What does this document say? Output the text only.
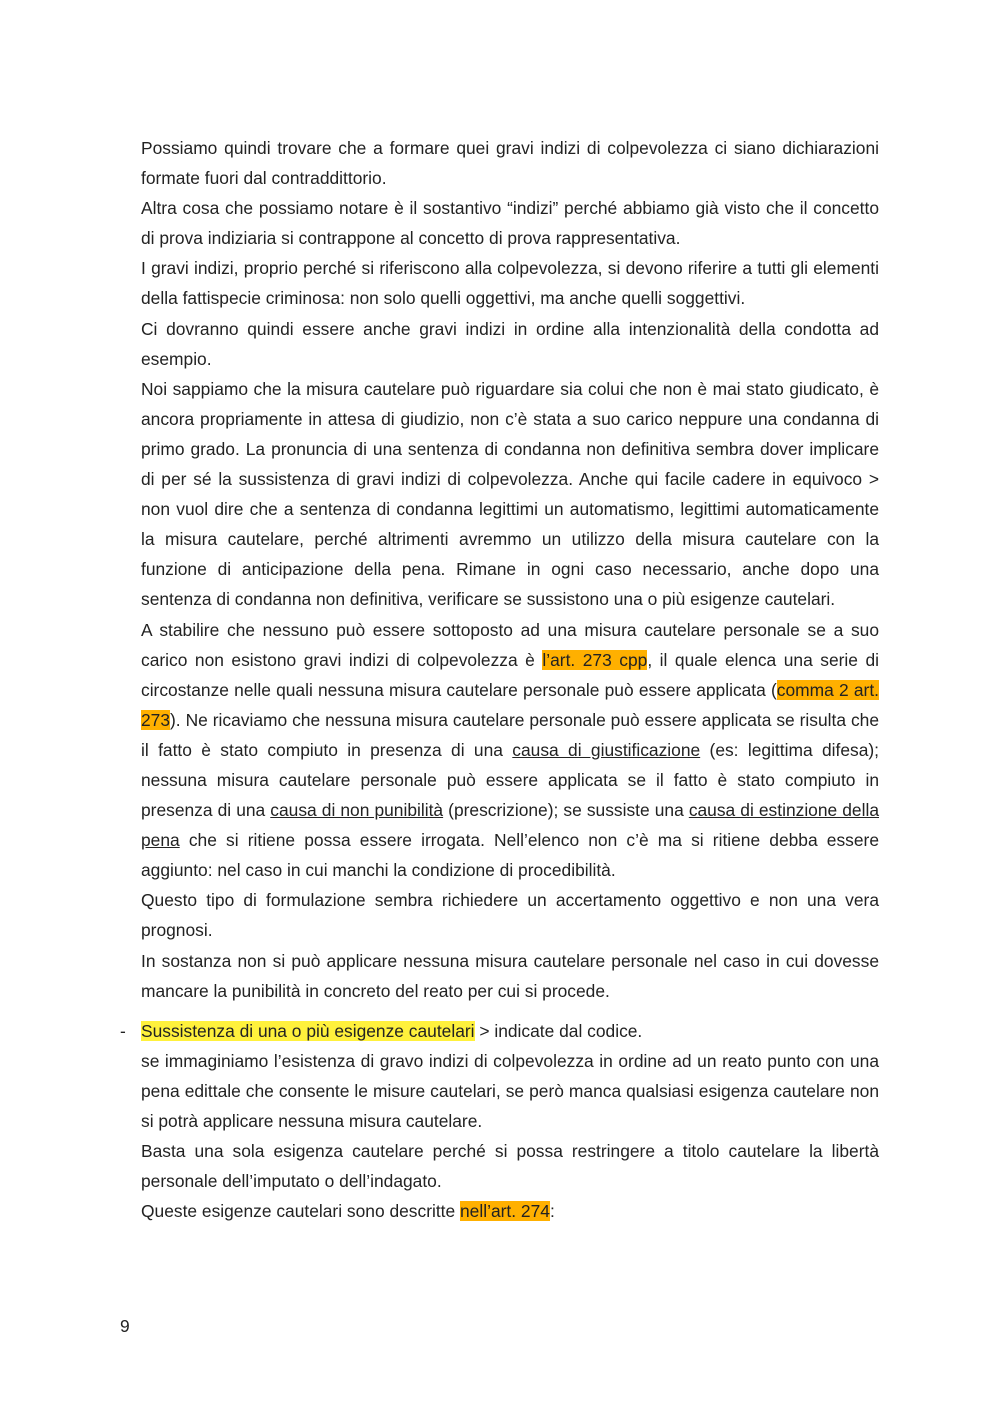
Possiamo quindi trovare che a formare quei gravi indizi di colpevolezza ci siano dichiarazioni formate fuori dal contraddittorio.

Altra cosa che possiamo notare è il sostantivo “indizi” perché abbiamo già visto che il concetto di prova indiziaria si contrappone al concetto di prova rappresentativa.

I gravi indizi, proprio perché si riferiscono alla colpevolezza, si devono riferire a tutti gli elementi della fattispecie criminosa: non solo quelli oggettivi, ma anche quelli soggettivi.

Ci dovranno quindi essere anche gravi indizi in ordine alla intenzionalità della condotta ad esempio.

Noi sappiamo che la misura cautelare può riguardare sia colui che non è mai stato giudicato, è ancora propriamente in attesa di giudizio, non c’è stata a suo carico neppure una condanna di primo grado. La pronuncia di una sentenza di condanna non definitiva sembra dover implicare di per sé la sussistenza di gravi indizi di colpevolezza. Anche qui facile cadere in equivoco > non vuol dire che a sentenza di condanna legittimi un automatismo, legittimi automaticamente la misura cautelare, perché altrimenti avremmo un utilizzo della misura cautelare con la funzione di anticipazione della pena. Rimane in ogni caso necessario, anche dopo una sentenza di condanna non definitiva, verificare se sussistono una o più esigenze cautelari.

A stabilire che nessuno può essere sottoposto ad una misura cautelare personale se a suo carico non esistono gravi indizi di colpevolezza è l’art. 273 cpp, il quale elenca una serie di circostanze nelle quali nessuna misura cautelare personale può essere applicata (comma 2 art. 273). Ne ricaviamo che nessuna misura cautelare personale può essere applicata se risulta che il fatto è stato compiuto in presenza di una causa di giustificazione (es: legittima difesa); nessuna misura cautelare personale può essere applicata se il fatto è stato compiuto in presenza di una causa di non punibilità (prescrizione); se sussiste una causa di estinzione della pena che si ritiene possa essere irrogata. Nell’elenco non c’è ma si ritiene debba essere aggiunto: nel caso in cui manchi la condizione di procedibilità.

Questo tipo di formulazione sembra richiedere un accertamento oggettivo e non una vera prognosi.

In sostanza non si può applicare nessuna misura cautelare personale nel caso in cui dovesse mancare la punibilità in concreto del reato per cui si procede.

- Sussistenza di una o più esigenze cautelari > indicate dal codice.

se immaginiamo l’esistenza di gravo indizi di colpevolezza in ordine ad un reato punto con una pena edittale che consente le misure cautelari, se però manca qualsiasi esigenza cautelare non si potrà applicare nessuna misura cautelare.

Basta una sola esigenza cautelare perché si possa restringere a titolo cautelare la libertà personale dell’imputato o dell’indagato.

Queste esigenze cautelari sono descritte nell’art. 274:

9
